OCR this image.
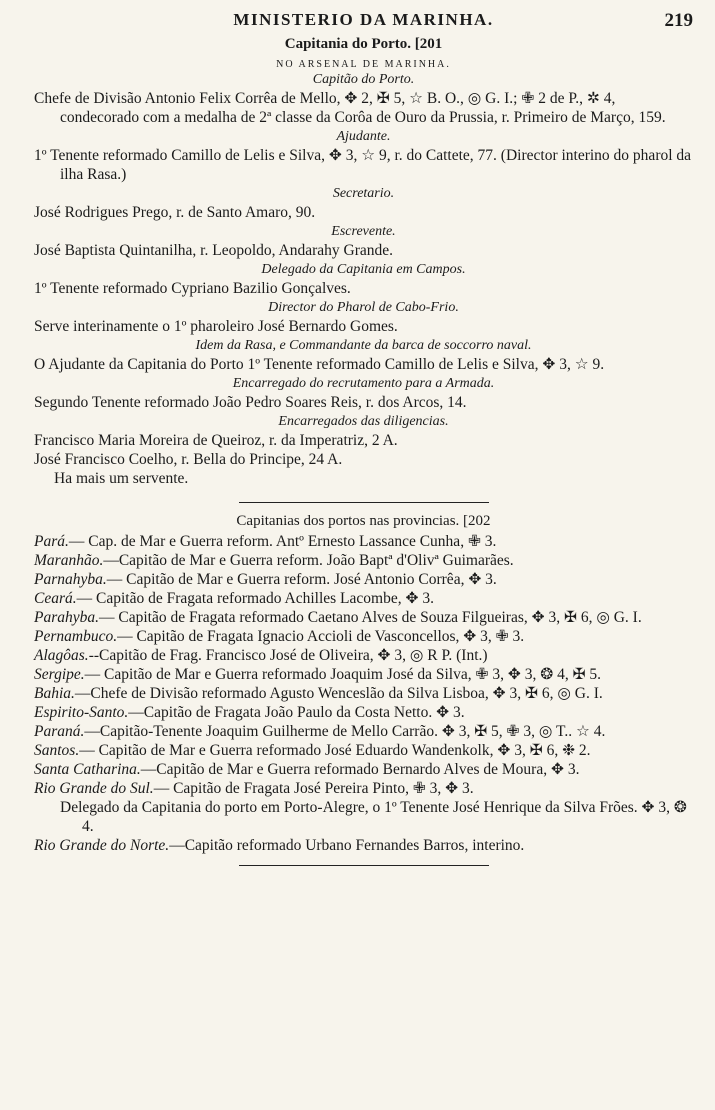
MINISTERIO DA MARINHA.	219
Capitania do Porto. [201
NO ARSENAL DE MARINHA.
Capitão do Porto.

Chefe de Divisão Antonio Felix Corrêa de Mello, ✥ 2, ✠ 5, ☆ B. O., ◎ G. I.; ✙ 2 de P., ✲ 4, condecorado com a medalha de 2ª classe da Corôa de Ouro da Prussia, r. Primeiro de Março, 159.

Ajudante.

1º Tenente reformado Camillo de Lelis e Silva, ✥ 3, ☆ 9, r. do Cattete, 77. (Director interino do pharol da ilha Rasa.)

Secretario.

José Rodrigues Prego, r. de Santo Amaro, 90.

Escrevente.

José Baptista Quintanilha, r. Leopoldo, Andarahy Grande.

Delegado da Capitania em Campos.

1º Tenente reformado Cypriano Bazilio Gonçalves.

Director do Pharol de Cabo-Frio.

Serve interinamente o 1º pharoleiro José Bernardo Gomes.

Idem da Rasa, e Commandante da barca de soccorro naval.

O Ajudante da Capitania do Porto 1º Tenente reformado Camillo de Lelis e Silva, ✥ 3, ☆ 9.

Encarregado do recrutamento para a Armada.

Segundo Tenente reformado João Pedro Soares Reis, r. dos Arcos, 14.

Encarregados das diligencias.

Francisco Maria Moreira de Queiroz, r. da Imperatriz, 2 A.

José Francisco Coelho, r. Bella do Principe, 24 A.

Ha mais um servente.

Capitanias dos portos nas provincias. [202

Pará.— Cap. de Mar e Guerra reform. Antº Ernesto Lassance Cunha, ✙ 3.

Maranhão.—Capitão de Mar e Guerra reform. João Baptª d'Olivª Guimarães.

Parnahyba.— Capitão de Mar e Guerra reform. José Antonio Corrêa, ✥ 3.

Ceará.— Capitão de Fragata reformado Achilles Lacombe, ✥ 3.

Parahyba.— Capitão de Fragata reformado Caetano Alves de Souza Filgueiras, ✥ 3, ✠ 6, ◎ G. I.

Pernambuco.— Capitão de Fragata Ignacio Accioli de Vasconcellos, ✥ 3, ✙ 3.

Alagôas.--Capitão de Frag. Francisco José de Oliveira, ✥ 3, ◎ R P. (Int.)

Sergipe.— Capitão de Mar e Guerra reformado Joaquim José da Silva, ✙ 3, ✥ 3, ❂ 4, ✠ 5.

Bahia.—Chefe de Divisão reformado Agusto Wenceslão da Silva Lisboa, ✥ 3, ✠ 6, ◎ G. I.

Espirito-Santo.—Capitão de Fragata João Paulo da Costa Netto. ✥ 3.

Paraná.—Capitão-Tenente Joaquim Guilherme de Mello Carrão. ✥ 3, ✠ 5, ✙ 3, ◎ T.. ☆ 4.

Santos.— Capitão de Mar e Guerra reformado José Eduardo Wandenkolk, ✥ 3, ✠ 6, ❉ 2.

Santa Catharina.—Capitão de Mar e Guerra reformado Bernardo Alves de Moura, ✥ 3.

Rio Grande do Sul.— Capitão de Fragata José Pereira Pinto, ✙ 3, ✥ 3.

Delegado da Capitania do porto em Porto-Alegre, o 1º Tenente José Henrique da Silva Frões. ✥ 3, ❂ 4.

Rio Grande do Norte.—Capitão reformado Urbano Fernandes Barros, interino.
